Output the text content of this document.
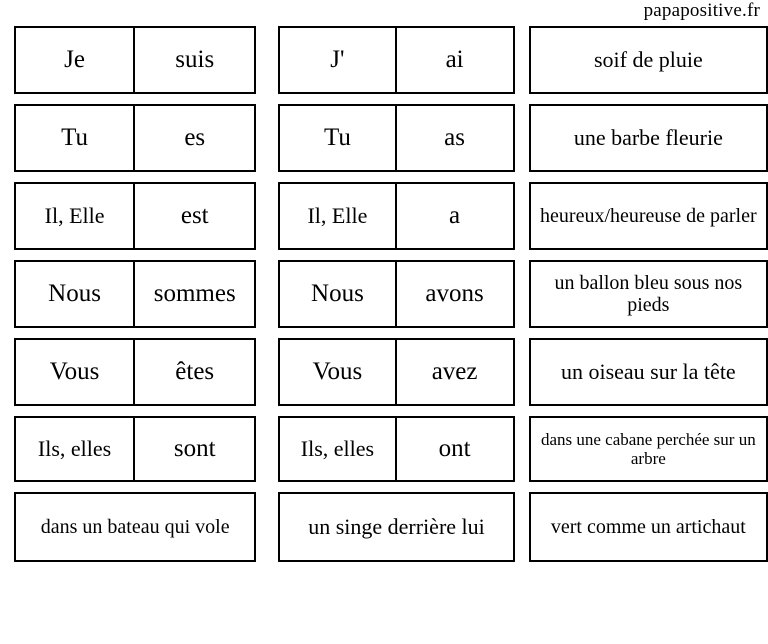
papapositive.fr
Je	suis	J'	ai	soif de pluie
Tu	es	Tu	as	une barbe fleurie
Il, Elle	est	Il, Elle	a	heureux/heureuse de parler
Nous	sommes	Nous	avons	un ballon bleu sous nos pieds
Vous	êtes	Vous	avez	un oiseau sur la tête
Ils, elles	sont	Ils, elles	ont	dans une cabane perchée sur un arbre
dans un bateau qui vole	un singe derrière lui	vert comme un artichaut
